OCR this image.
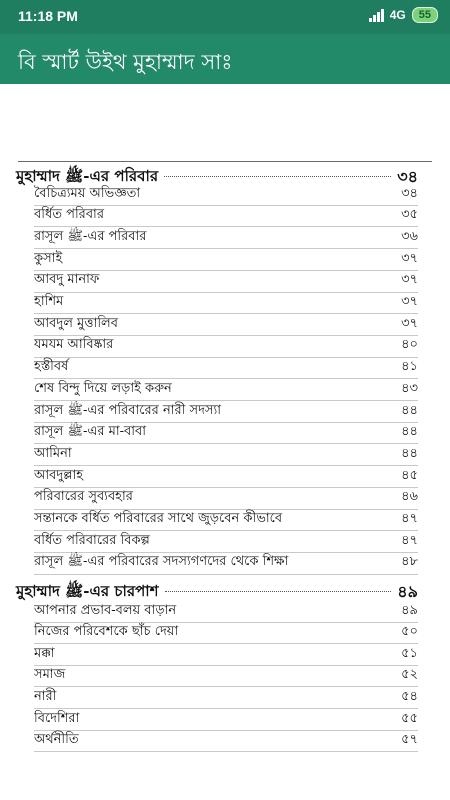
11:18 PM	4G	55
বি স্মার্ট উইথ মুহাম্মাদ সাঃ
মুহাম্মাদ ﷺ-এর পরিবার	৩৪
বৈচিত্র্যময় অভিজ্ঞতা	৩৪
বর্ধিত পরিবার	৩৫
রাসূল ﷺ-এর পরিবার	৩৬
কুসাই	৩৭
আবদু মানাফ	৩৭
হাশিম	৩৭
আবদুল মুত্তালিব	৩৭
যমযম আবিষ্কার	৪০
হস্তীবর্ষ	৪১
শেষ বিন্দু দিয়ে লড়াই করুন	৪৩
রাসূল ﷺ-এর পরিবারের নারী সদস্যা	৪৪
রাসূল ﷺ-এর মা-বাবা	৪৪
আমিনা	৪৪
আবদুল্লাহ	৪৫
পরিবারের সুব্যবহার	৪৬
সন্তানকে বর্ধিত পরিবারের সাথে জুড়বেন কীভাবে	৪৭
বর্ধিত পরিবারের বিকল্প	৪৭
রাসূল ﷺ-এর পরিবারের সদস্যগণদের থেকে শিক্ষা	৪৮
মুহাম্মাদ ﷺ-এর চারপাশ	৪৯
আপনার প্রভাব-বলয় বাড়ান	৪৯
নিজের পরিবেশকে ছাঁচ দেয়া	৫০
মক্কা	৫১
সমাজ	৫২
নারী	৫৪
বিদেশিরা	৫৫
অর্থনীতি	৫৭
